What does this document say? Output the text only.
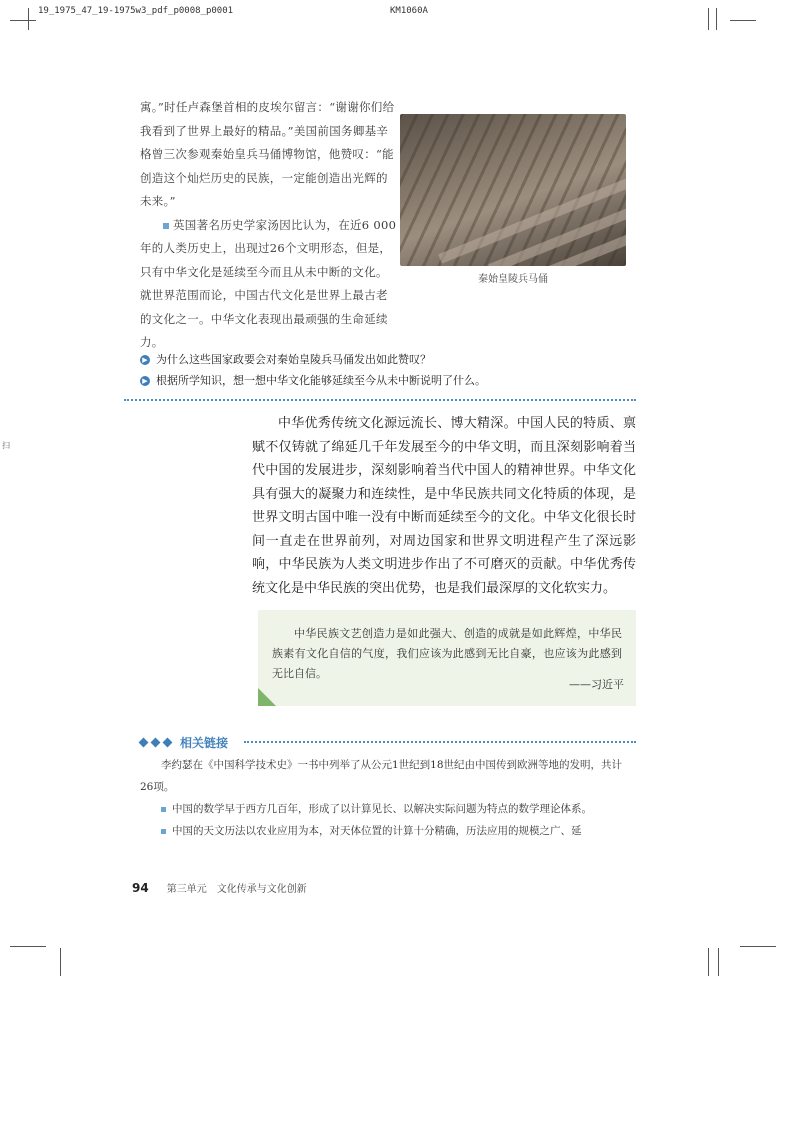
19_1975_47_19-1975w3_pdf_p0008_p0001	KM1060A
扫

寓。”时任卢森堡首相的皮埃尔留言：“谢谢你们给我看到了世界上最好的精品。”美国前国务卿基辛格曾三次参观秦始皇兵马俑博物馆，他赞叹：“能创造这个灿烂历史的民族，一定能创造出光辉的未来。”

英国著名历史学家汤因比认为，在近6 000年的人类历史上，出现过26个文明形态，但是，只有中华文化是延续至今而且从未中断的文化。就世界范围而论，中国古代文化是世界上最古老的文化之一。中华文化表现出最顽强的生命延续力。

秦始皇陵兵马俑
▶ 为什么这些国家政要会对秦始皇陵兵马俑发出如此赞叹？
▶ 根据所学知识，想一想中华文化能够延续至今从未中断说明了什么。

中华优秀传统文化源远流长、博大精深。中国人民的特质、禀赋不仅铸就了绵延几千年发展至今的中华文明，而且深刻影响着当代中国的发展进步，深刻影响着当代中国人的精神世界。中华文化具有强大的凝聚力和连续性，是中华民族共同文化特质的体现，是世界文明古国中唯一没有中断而延续至今的文化。中华文化很长时间一直走在世界前列，对周边国家和世界文明进程产生了深远影响，中华民族为人类文明进步作出了不可磨灭的贡献。中华优秀传统文化是中华民族的突出优势，也是我们最深厚的文化软实力。

中华民族文艺创造力是如此强大、创造的成就是如此辉煌，中华民族素有文化自信的气度，我们应该为此感到无比自豪，也应该为此感到无比自信。
——习近平
相关链接

李约瑟在《中国科学技术史》一书中列举了从公元1世纪到18世纪由中国传到欧洲等地的发明，共计26项。

中国的数学早于西方几百年，形成了以计算见长、以解决实际问题为特点的数学理论体系。

中国的天文历法以农业应用为本，对天体位置的计算十分精确，历法应用的规模之广、延

94 第三单元　文化传承与文化创新
